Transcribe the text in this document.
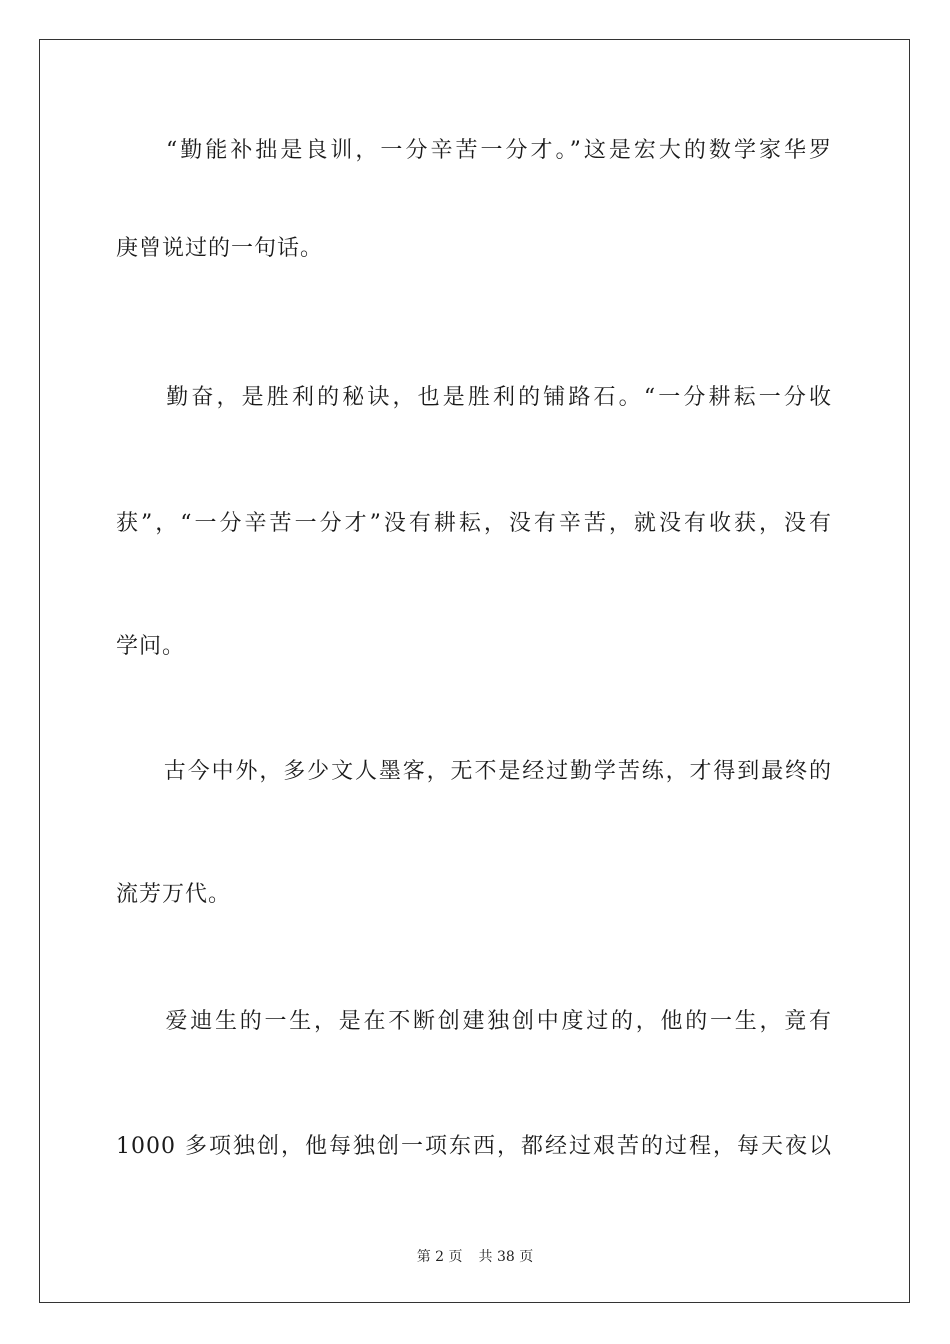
　　“勤能补拙是良训，一分辛苦一分才。”这是宏大的数学家华罗
庚曾说过的一句话。
　　勤奋，是胜利的秘诀，也是胜利的铺路石。“一分耕耘一分收
获”，“一分辛苦一分才”没有耕耘，没有辛苦，就没有收获，没有
学问。
　　古今中外，多少文人墨客，无不是经过勤学苦练，才得到最终的
流芳万代。
　　爱迪生的一生，是在不断创建独创中度过的，他的一生，竟有
1000 多项独创，他每独创一项东西，都经过艰苦的过程，每天夜以
第 2 页 共 38 页
